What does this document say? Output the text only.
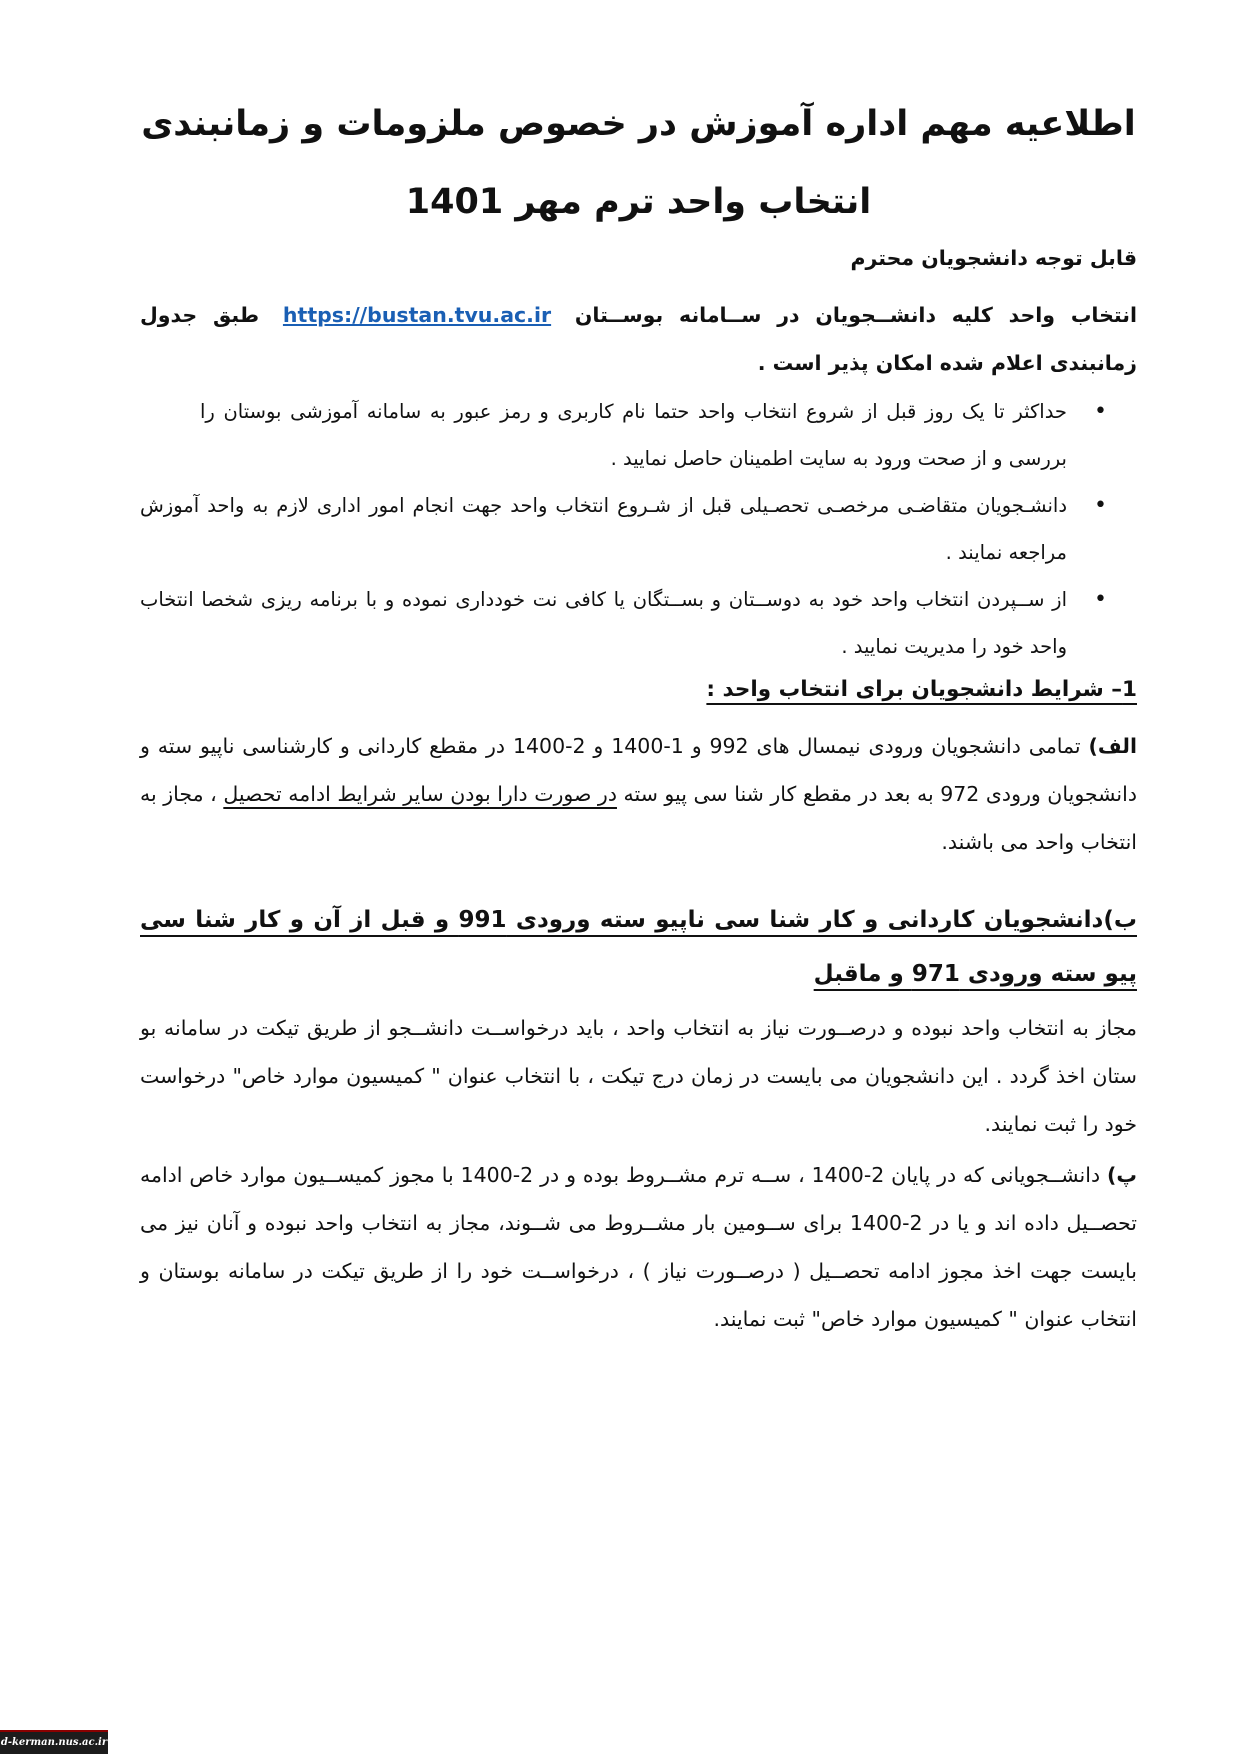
اطلاعیه مهم اداره آموزش در خصوص ملزومات و زمانبندی
انتخاب واحد ترم مهر 1401
قابل توجه دانشجویان محترم
انتخاب واحد کلیه دانشــجویان در ســامانه بوســتان https://bustan.tvu.ac.ir طبق جدول زمانبندی اعلام شده امکان پذیر است .
•
حداکثر تا یک روز قبل از شروع انتخاب واحد حتما نام کاربری و رمز عبور به سامانه آموزشی بوستان را بررسی و از صحت ورود به سایت اطمینان حاصل نمایید .
•
دانشـجویان متقاضـی مرخصـی تحصـیلی قبل از شـروع انتخاب واحد جهت انجام امور اداری لازم به واحد آموزش مراجعه نمایند .
•
از ســپردن انتخاب واحد خود به دوســتان و بســتگان یا کافی نت خودداری نموده و با برنامه ریزی شخصا انتخاب واحد خود را مدیریت نمایید .
1– شرایط دانشجویان برای انتخاب واحد :
الف) تمامی دانشجویان ورودی نیمسال های 992 و 1-1400 و 2-1400 در مقطع کاردانی و کارشناسی ناپیو سته و دانشجویان ورودی 972 به بعد در مقطع کار شنا سی پیو سته در صورت دارا بودن سایر شرایط ادامه تحصیل ، مجاز به انتخاب واحد می باشند.
ب)دانشجویان کاردانی و کار شنا سی ناپیو سته ورودی 991 و قبل از آن و کار شنا سی پیو سته ورودی 971 و ماقبل
مجاز به انتخاب واحد نبوده و درصــورت نیاز به انتخاب واحد ، باید درخواســت دانشــجو از طریق تیکت در سامانه بو ستان اخذ گردد . این دانشجویان می بایست در زمان درج تیکت ، با انتخاب عنوان " کمیسیون موارد خاص" درخواست خود را ثبت نمایند.
پ) دانشــجویانی که در پایان 2-1400 ، ســه ترم مشــروط بوده و در 2-1400 با مجوز کمیســیون موارد خاص ادامه تحصــیل داده اند و یا در 2-1400 برای ســومین بار مشــروط می شــوند، مجاز به انتخاب واحد نبوده و آنان نیز می بایست جهت اخذ مجوز ادامه تحصــیل ( درصــورت نیاز ) ، درخواســت خود را از طریق تیکت در سامانه بوستان و انتخاب عنوان " کمیسیون موارد خاص" ثبت نمایند.
d-kerman.nus.ac.ir
